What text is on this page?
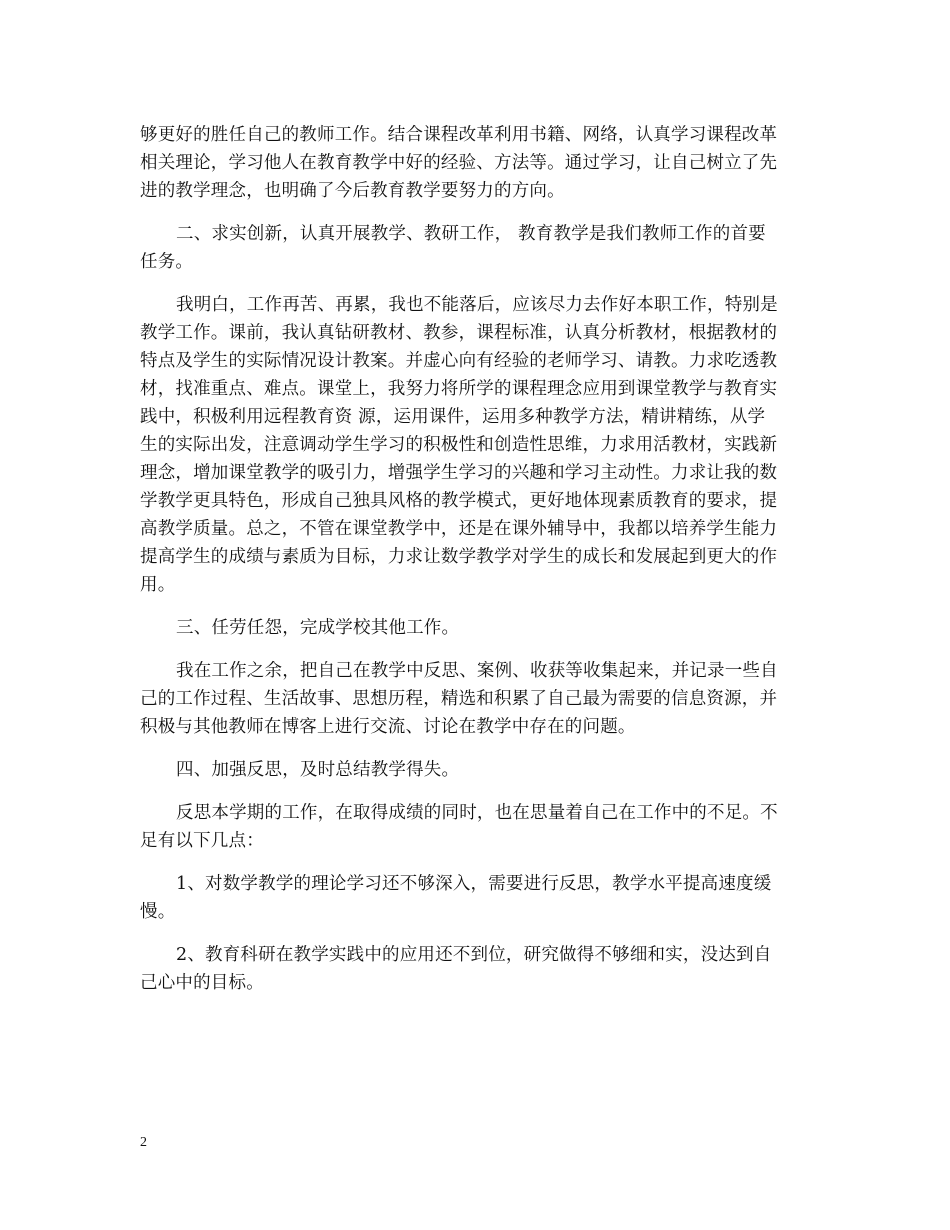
够更好的胜任自己的教师工作。结合课程改革利用书籍、网络，认真学习课程改革

相关理论，学习他人在教育教学中好的经验、方法等。通过学习，让自己树立了先

进的教学理念，也明确了今后教育教学要努力的方向。

二、求实创新，认真开展教学、教研工作， 教育教学是我们教师工作的首要

任务。

我明白，工作再苦、再累，我也不能落后，应该尽力去作好本职工作，特别是

教学工作。课前，我认真钻研教材、教参，课程标准，认真分析教材，根据教材的

特点及学生的实际情况设计教案。并虚心向有经验的老师学习、请教。力求吃透教

材，找准重点、难点。课堂上，我努力将所学的课程理念应用到课堂教学与教育实

践中，积极利用远程教育资 源，运用课件，运用多种教学方法，精讲精练，从学

生的实际出发，注意调动学生学习的积极性和创造性思维，力求用活教材，实践新

理念，增加课堂教学的吸引力，增强学生学习的兴趣和学习主动性。力求让我的数

学教学更具特色，形成自己独具风格的教学模式，更好地体现素质教育的要求，提

高教学质量。总之，不管在课堂教学中，还是在课外辅导中，我都以培养学生能力

提高学生的成绩与素质为目标，力求让数学教学对学生的成长和发展起到更大的作

用。

三、任劳任怨，完成学校其他工作。

我在工作之余，把自己在教学中反思、案例、收获等收集起来，并记录一些自

己的工作过程、生活故事、思想历程，精选和积累了自己最为需要的信息资源，并

积极与其他教师在博客上进行交流、讨论在教学中存在的问题。

四、加强反思，及时总结教学得失。

反思本学期的工作，在取得成绩的同时，也在思量着自己在工作中的不足。不

足有以下几点：

1、对数学教学的理论学习还不够深入，需要进行反思，教学水平提高速度缓

慢。

2、教育科研在教学实践中的应用还不到位，研究做得不够细和实，没达到自

己心中的目标。

2
